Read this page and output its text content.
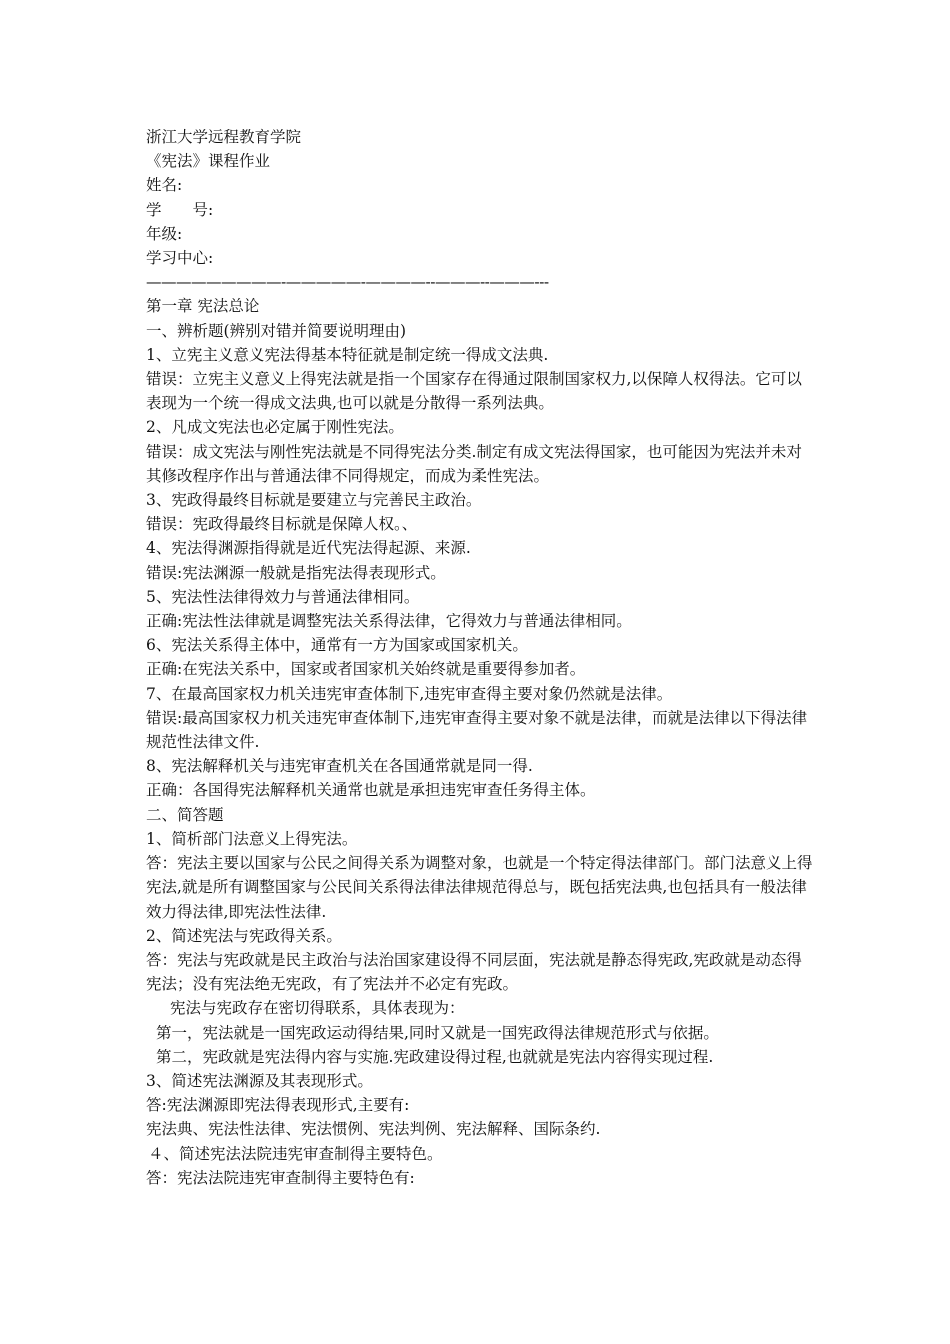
浙江大学远程教育学院
《宪法》课程作业
姓名:
学　　号:
年级:
学习中心:
—————————-—————-————--———--———---
第一章 宪法总论
一、辨析题(辨别对错并简要说明理由)
1、立宪主义意义宪法得基本特征就是制定统一得成文法典.
错误：立宪主义意义上得宪法就是指一个国家存在得通过限制国家权力,以保障人权得法。它可以表现为一个统一得成文法典,也可以就是分散得一系列法典。
2、凡成文宪法也必定属于刚性宪法。
错误：成文宪法与刚性宪法就是不同得宪法分类.制定有成文宪法得国家，也可能因为宪法并未对其修改程序作出与普通法律不同得规定，而成为柔性宪法。
3、宪政得最终目标就是要建立与完善民主政治。
错误：宪政得最终目标就是保障人权。、
4、宪法得渊源指得就是近代宪法得起源、来源.
错误:宪法渊源一般就是指宪法得表现形式。
5、宪法性法律得效力与普通法律相同。
正确:宪法性法律就是调整宪法关系得法律，它得效力与普通法律相同。
6、宪法关系得主体中，通常有一方为国家或国家机关。
正确:在宪法关系中，国家或者国家机关始终就是重要得参加者。
7、在最高国家权力机关违宪审查体制下,违宪审查得主要对象仍然就是法律。
错误:最高国家权力机关违宪审查体制下,违宪审查得主要对象不就是法律，而就是法律以下得法律规范性法律文件.
8、宪法解释机关与违宪审查机关在各国通常就是同一得.
正确：各国得宪法解释机关通常也就是承担违宪审查任务得主体。
二、简答题
1、简析部门法意义上得宪法。
答：宪法主要以国家与公民之间得关系为调整对象，也就是一个特定得法律部门。部门法意义上得宪法,就是所有调整国家与公民间关系得法律法律规范得总与，既包括宪法典,也包括具有一般法律效力得法律,即宪法性法律.
2、简述宪法与宪政得关系。
答：宪法与宪政就是民主政治与法治国家建设得不同层面，宪法就是静态得宪政,宪政就是动态得宪法；没有宪法绝无宪政，有了宪法并不必定有宪政。
宪法与宪政存在密切得联系，具体表现为：
第一，宪法就是一国宪政运动得结果,同时又就是一国宪政得法律规范形式与依据。
第二，宪政就是宪法得内容与实施.宪政建设得过程,也就就是宪法内容得实现过程.
3、简述宪法渊源及其表现形式。
答:宪法渊源即宪法得表现形式,主要有:
宪法典、宪法性法律、宪法惯例、宪法判例、宪法解释、国际条约.
４、简述宪法法院违宪审查制得主要特色。
答：宪法法院违宪审查制得主要特色有:
